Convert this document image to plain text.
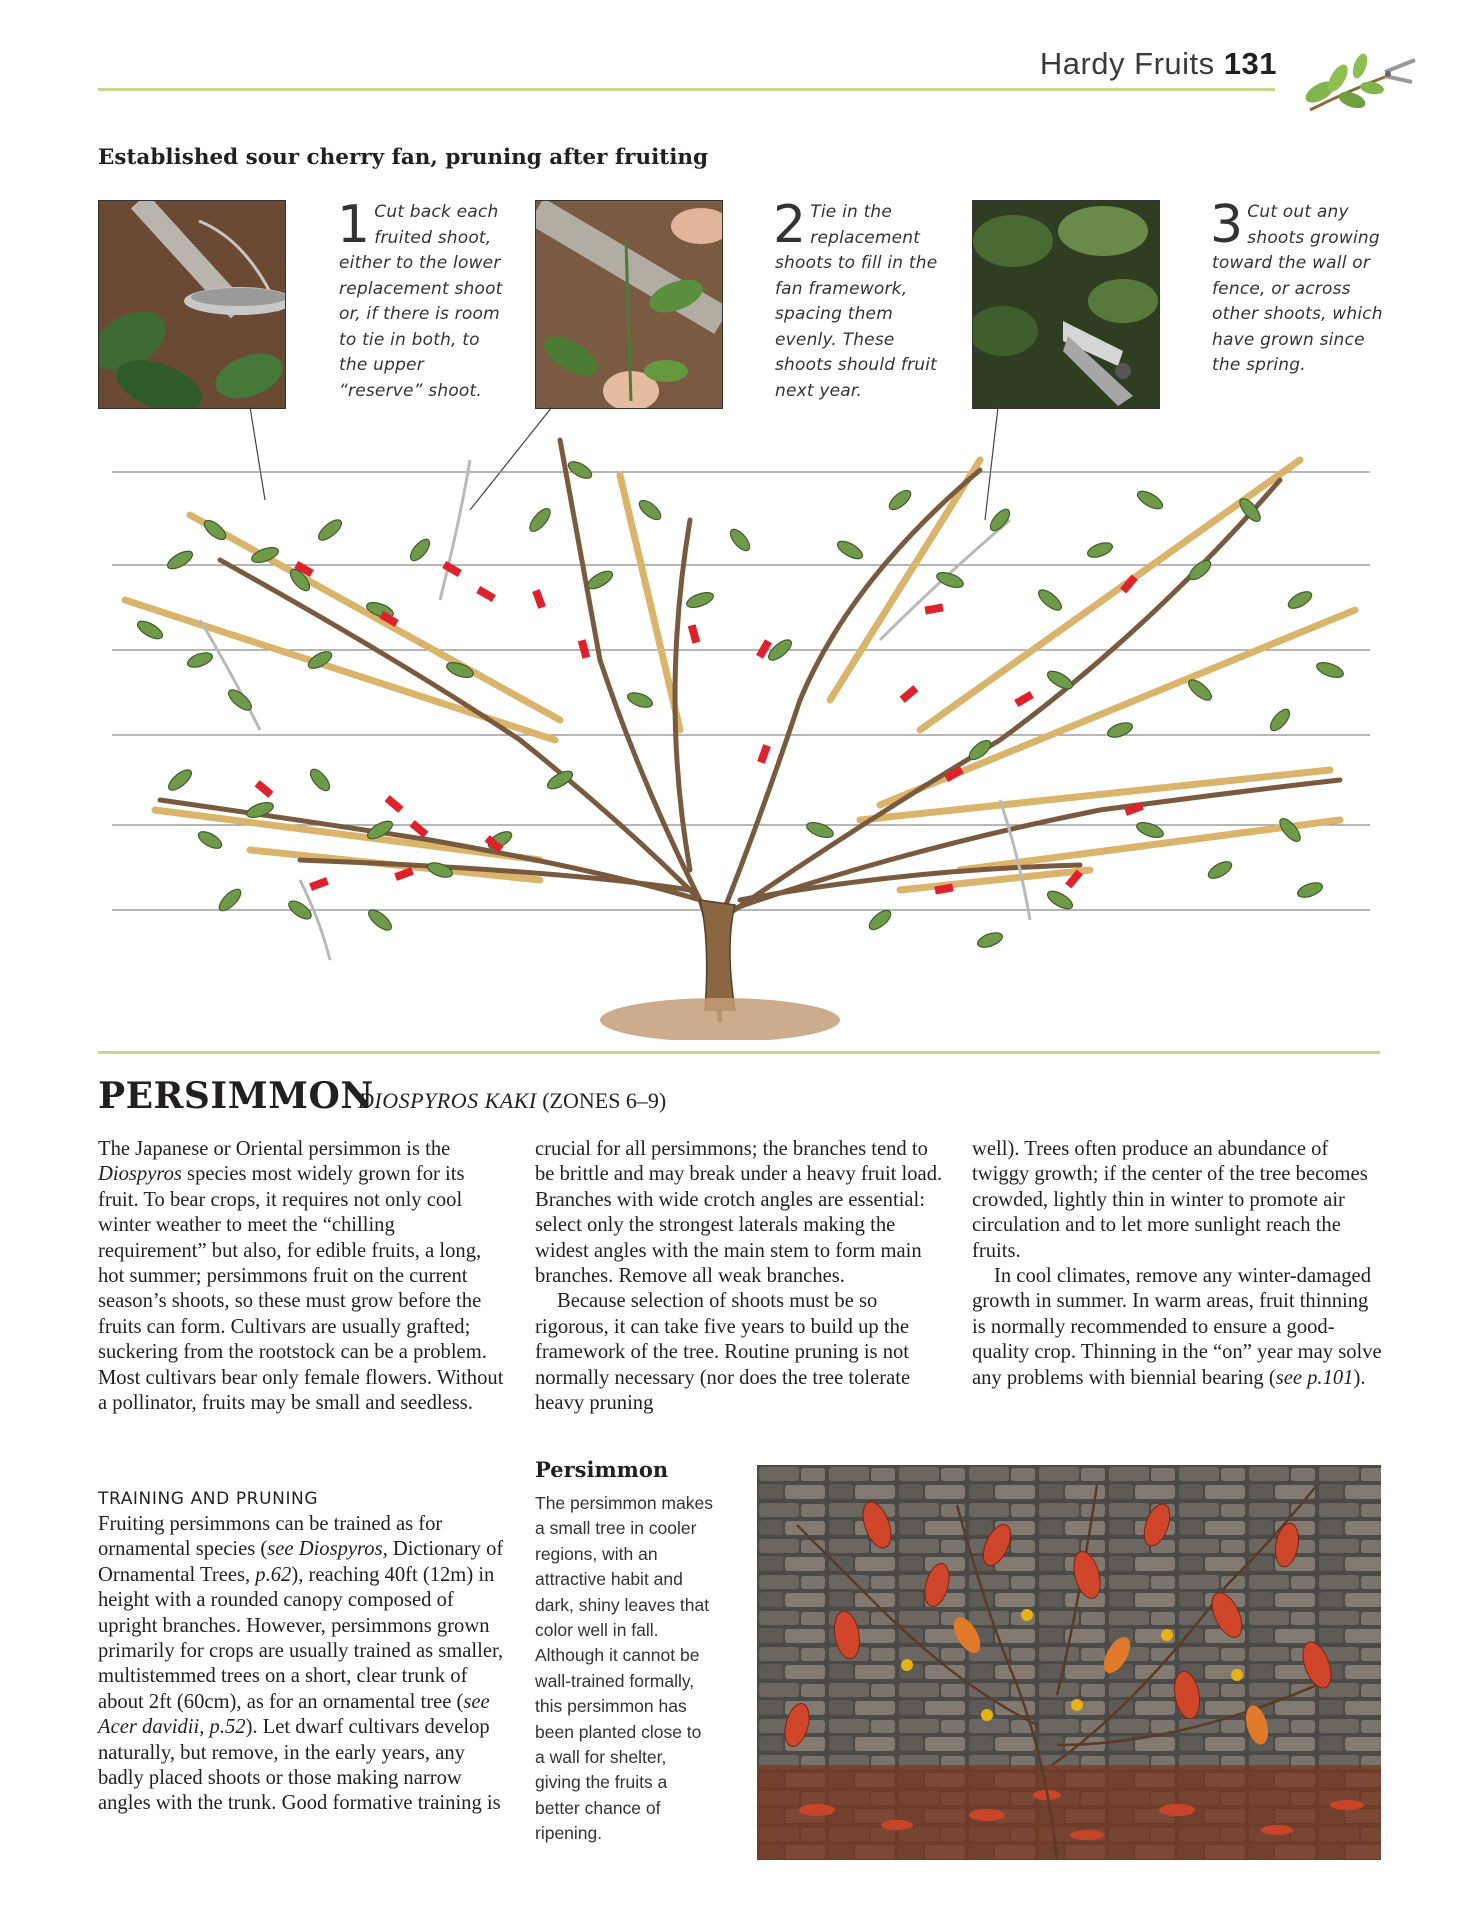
Hardy Fruits 131
Established sour cherry fan, pruning after fruiting
1 Cut back each fruited shoot, either to the lower replacement shoot or, if there is room to tie in both, to the upper “reserve” shoot.
2 Tie in the replacement shoots to fill in the fan framework, spacing them evenly. These shoots should fruit next year.
3 Cut out any shoots growing toward the wall or fence, or across other shoots, which have grown since the spring.
PERSIMMON
DIOSPYROS KAKI (ZONES 6–9)

The Japanese or Oriental persimmon is the Diospyros species most widely grown for its fruit. To bear crops, it requires not only cool winter weather to meet the “chilling requirement” but also, for edible fruits, a long, hot summer; persimmons fruit on the current season’s shoots, so these must grow before the fruits can form. Cultivars are usually grafted; suckering from the rootstock can be a problem. Most cultivars bear only female flowers. Without a pollinator, fruits may be small and seedless.

TRAINING AND PRUNING

Fruiting persimmons can be trained as for ornamental species (see Diospyros, Dictionary of Ornamental Trees, p.62), reaching 40ft (12m) in height with a rounded canopy composed of upright branches. However, persimmons grown primarily for crops are usually trained as smaller, multistemmed trees on a short, clear trunk of about 2ft (60cm), as for an ornamental tree (see Acer davidii, p.52). Let dwarf cultivars develop naturally, but remove, in the early years, any badly placed shoots or those making narrow angles with the trunk. Good formative training is

crucial for all persimmons; the branches tend to be brittle and may break under a heavy fruit load. Branches with wide crotch angles are essential: select only the strongest laterals making the widest angles with the main stem to form main branches. Remove all weak branches.

Because selection of shoots must be so rigorous, it can take five years to build up the framework of the tree. Routine pruning is not normally necessary (nor does the tree tolerate heavy pruning

well). Trees often produce an abundance of twiggy growth; if the center of the tree becomes crowded, lightly thin in winter to promote air circulation and to let more sunlight reach the fruits.

In cool climates, remove any winter-damaged growth in summer. In warm areas, fruit thinning is normally recommended to ensure a good-quality crop. Thinning in the “on” year may solve any problems with biennial bearing (see p.101).

Persimmon
The persimmon makes a small tree in cooler regions, with an attractive habit and dark, shiny leaves that color well in fall. Although it cannot be wall-trained formally, this persimmon has been planted close to a wall for shelter, giving the fruits a better chance of ripening.
